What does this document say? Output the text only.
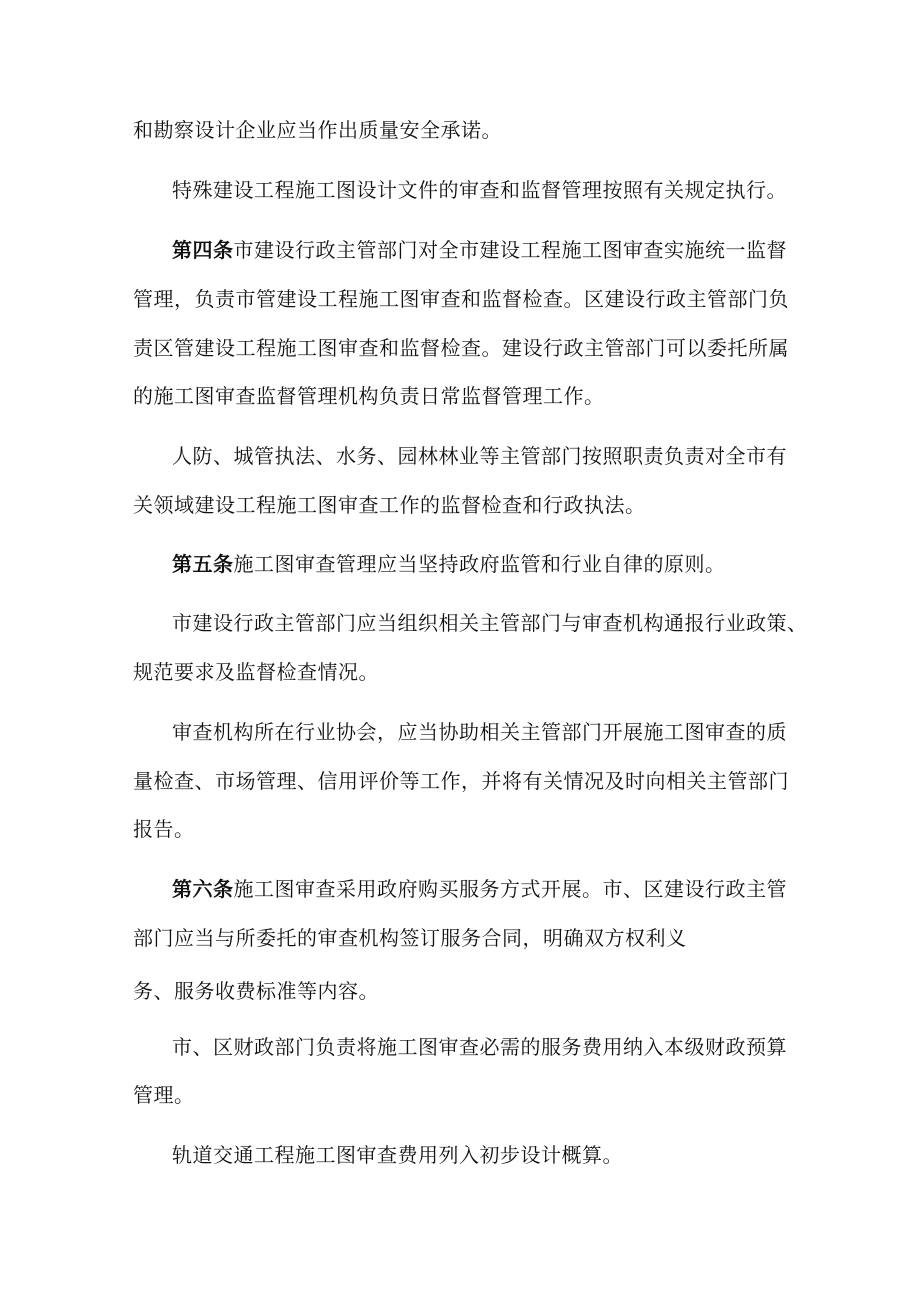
和勘察设计企业应当作出质量安全承诺。
特殊建设工程施工图设计文件的审查和监督管理按照有关规定执行。
第四条市建设行政主管部门对全市建设工程施工图审查实施统一监督
管理，负责市管建设工程施工图审查和监督检查。区建设行政主管部门负
责区管建设工程施工图审查和监督检查。建设行政主管部门可以委托所属
的施工图审查监督管理机构负责日常监督管理工作。
人防、城管执法、水务、园林林业等主管部门按照职责负责对全市有
关领域建设工程施工图审查工作的监督检查和行政执法。
第五条施工图审查管理应当坚持政府监管和行业自律的原则。
市建设行政主管部门应当组织相关主管部门与审查机构通报行业政策、
规范要求及监督检查情况。
审查机构所在行业协会，应当协助相关主管部门开展施工图审查的质
量检查、市场管理、信用评价等工作，并将有关情况及时向相关主管部门
报告。
第六条施工图审查采用政府购买服务方式开展。市、区建设行政主管
部门应当与所委托的审查机构签订服务合同，明确双方权利义
务、服务收费标准等内容。
市、区财政部门负责将施工图审查必需的服务费用纳入本级财政预算
管理。
轨道交通工程施工图审查费用列入初步设计概算。
